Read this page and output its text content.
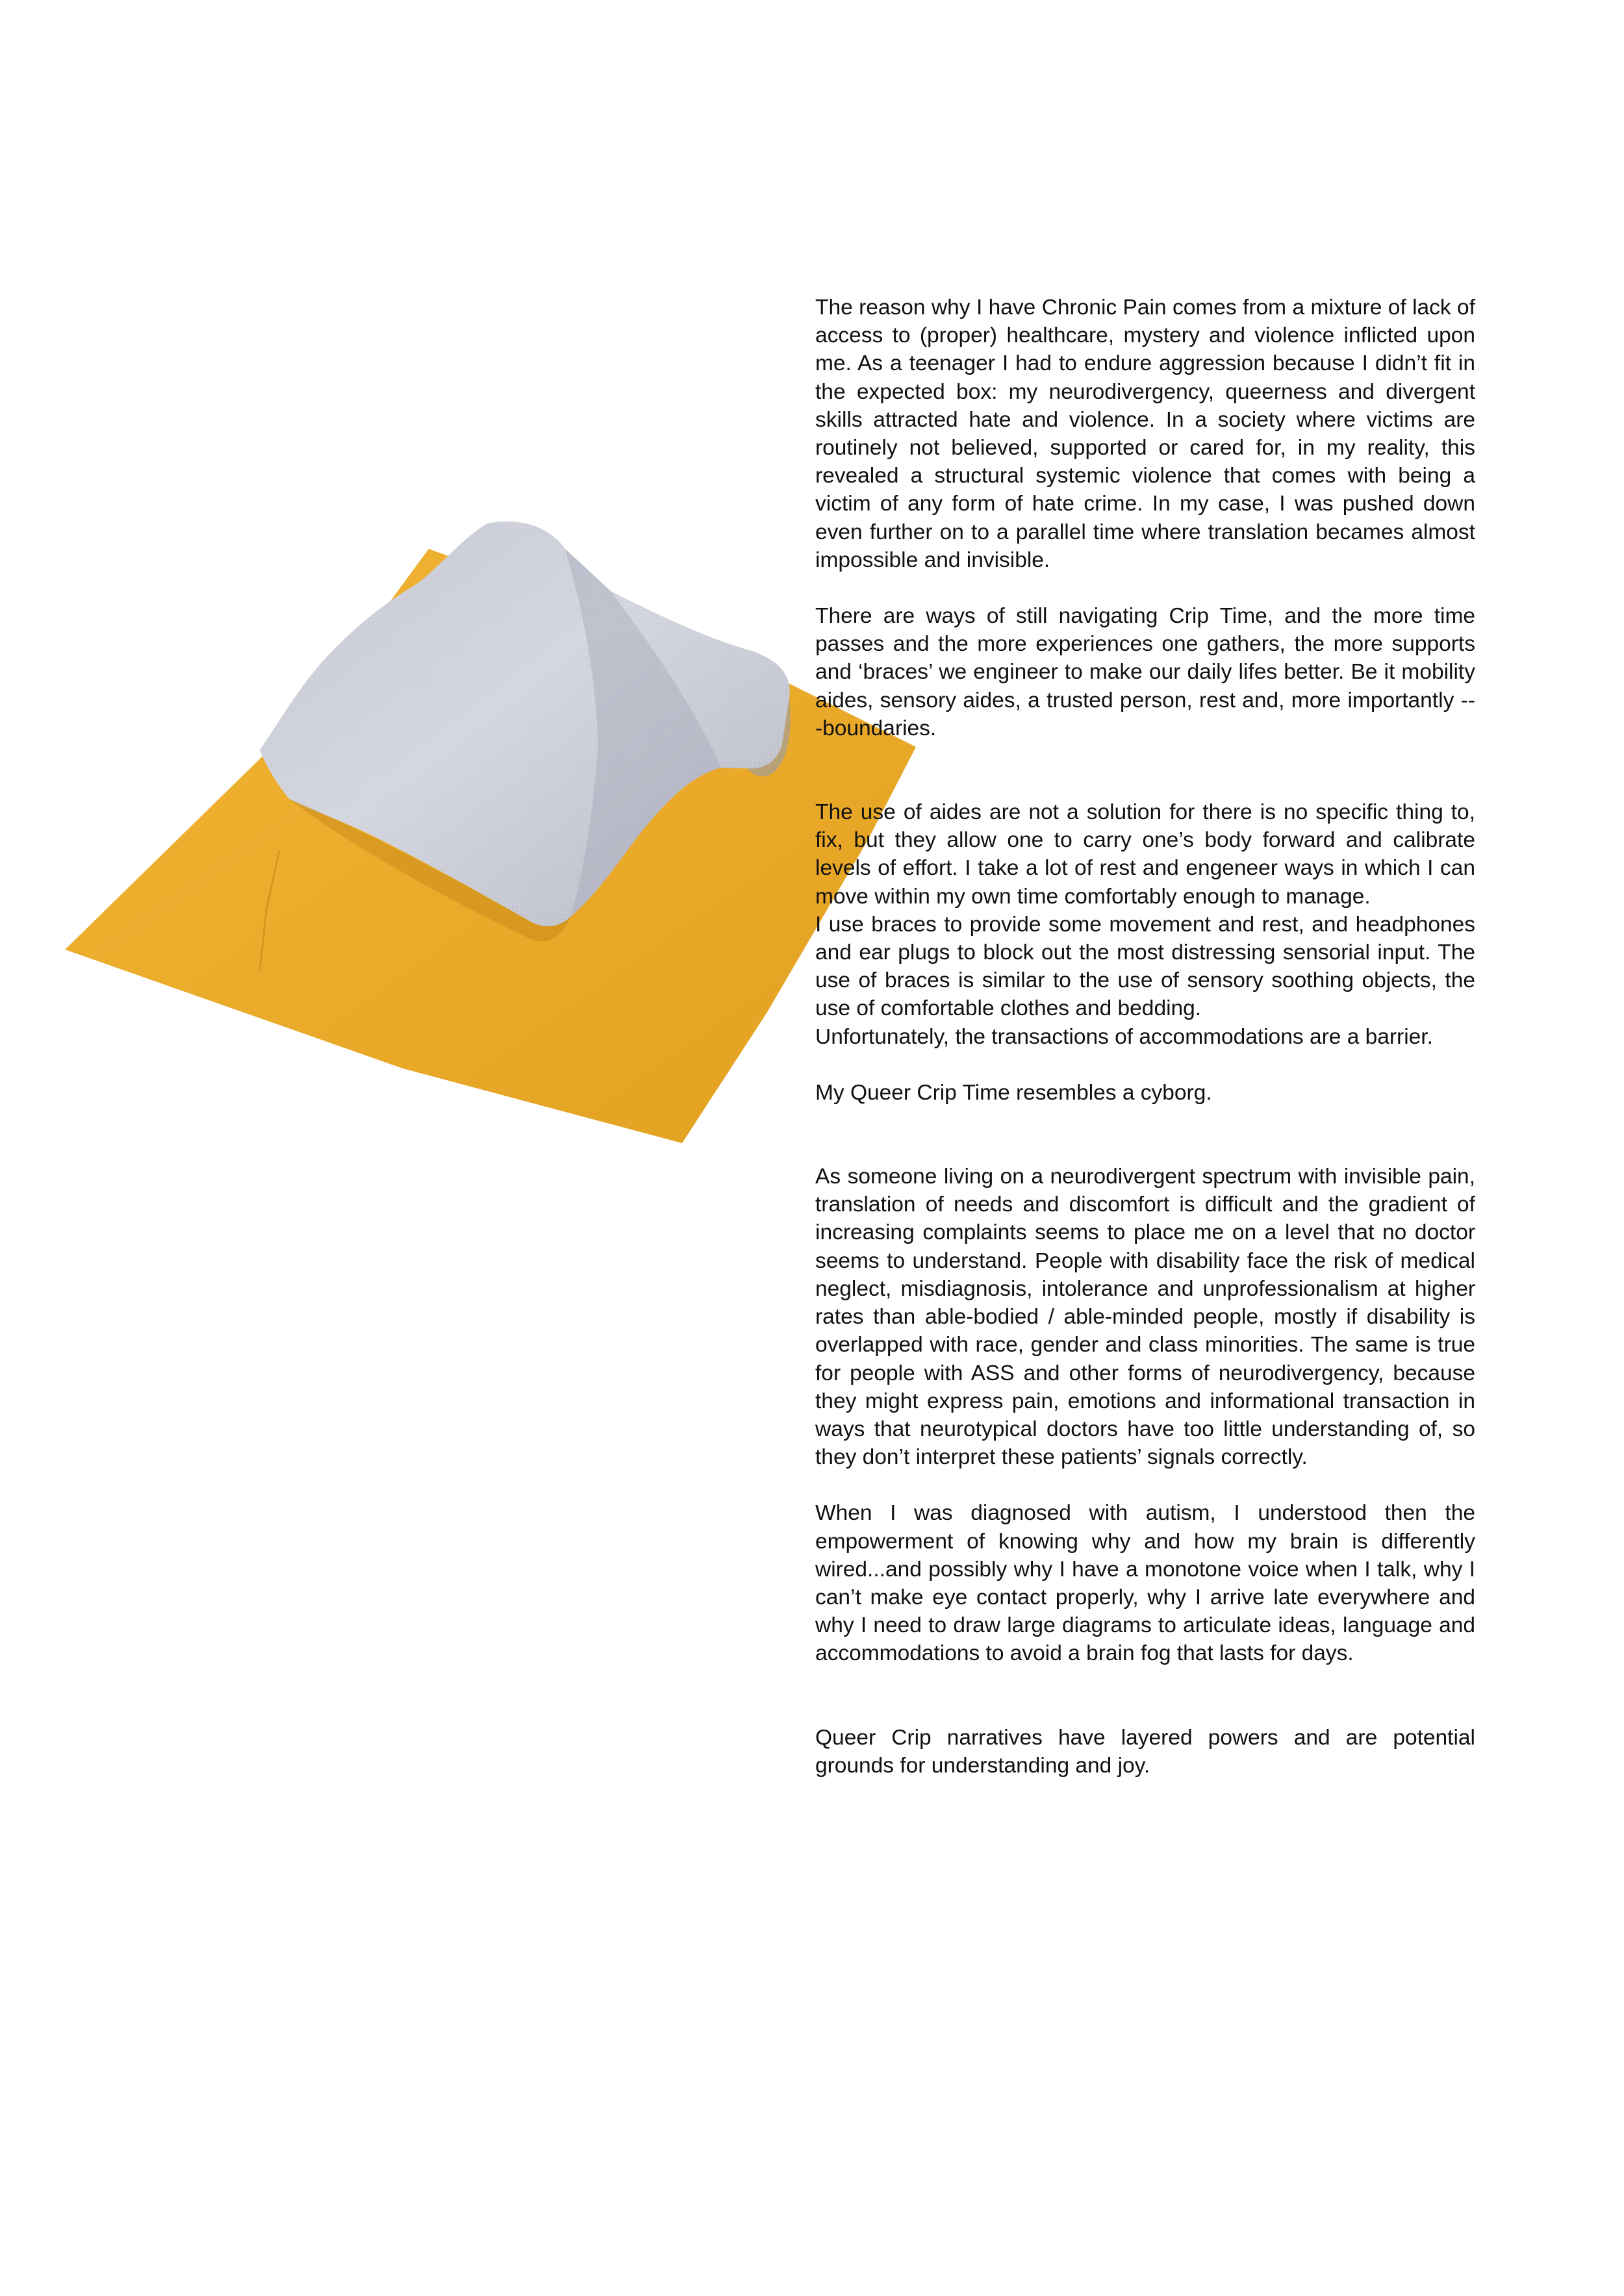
The reason why I have Chronic Pain comes from a mixture of lack of access to (proper) healthcare, mystery and violence inflicted upon me. As a teenager I had to endure aggression because I didn’t fit in the expected box: my neurodivergency, queerness and divergent skills attracted hate and violence. In a society where victims are routinely not believed, supported or cared for, in my reality, this revealed a structural systemic violence that comes with being a victim of any form of hate crime. In my case, I was pushed down even further on to a parallel time where translation becames almost impossible and invisible.

There are ways of still navigating Crip Time, and the more time passes and the more experiences one gathers, the more supports and ‘braces’ we engineer to make our daily lifes better. Be it mobility aides, sensory aides, a trusted person, rest and, more importantly ---boundaries.

The use of aides are not a solution for there is no specific thing to, fix, but they allow one to carry one’s body forward and calibrate levels of effort. I take a lot of rest and engeneer ways in which I can move within my own time comfortably enough to manage.

I use braces to provide some movement and rest, and headphones and ear plugs to block out the most distressing sensorial input. The use of braces is similar to the use of sensory soothing objects, the use of comfortable clothes and bedding.

Unfortunately, the transactions of accommodations are a barrier.

My Queer Crip Time resembles a cyborg.

As someone living on a neurodivergent spectrum with invisible pain, translation of needs and discomfort is difficult and the gradient of increasing complaints seems to place me on a level that no doctor seems to understand. People with disability face the risk of medical neglect, misdiagnosis, intolerance and unprofessionalism at higher rates than able-bodied / able-minded people, mostly if disability is overlapped with race, gender and class minorities. The same is true for people with ASS and other forms of neurodivergency, because they might express pain, emotions and informational transaction in ways that neurotypical doctors have too little understanding of, so they don’t interpret these patients’ signals correctly.

When I was diagnosed with autism, I understood then the empowerment of knowing why and how my brain is differently wired...and possibly why I have a monotone voice when I talk, why I can’t make eye contact properly, why I arrive late everywhere and why I need to draw large diagrams to articulate ideas, language and accommodations to avoid a brain fog that lasts for days.

Queer Crip narratives have layered powers and are potential grounds for understanding and joy.
